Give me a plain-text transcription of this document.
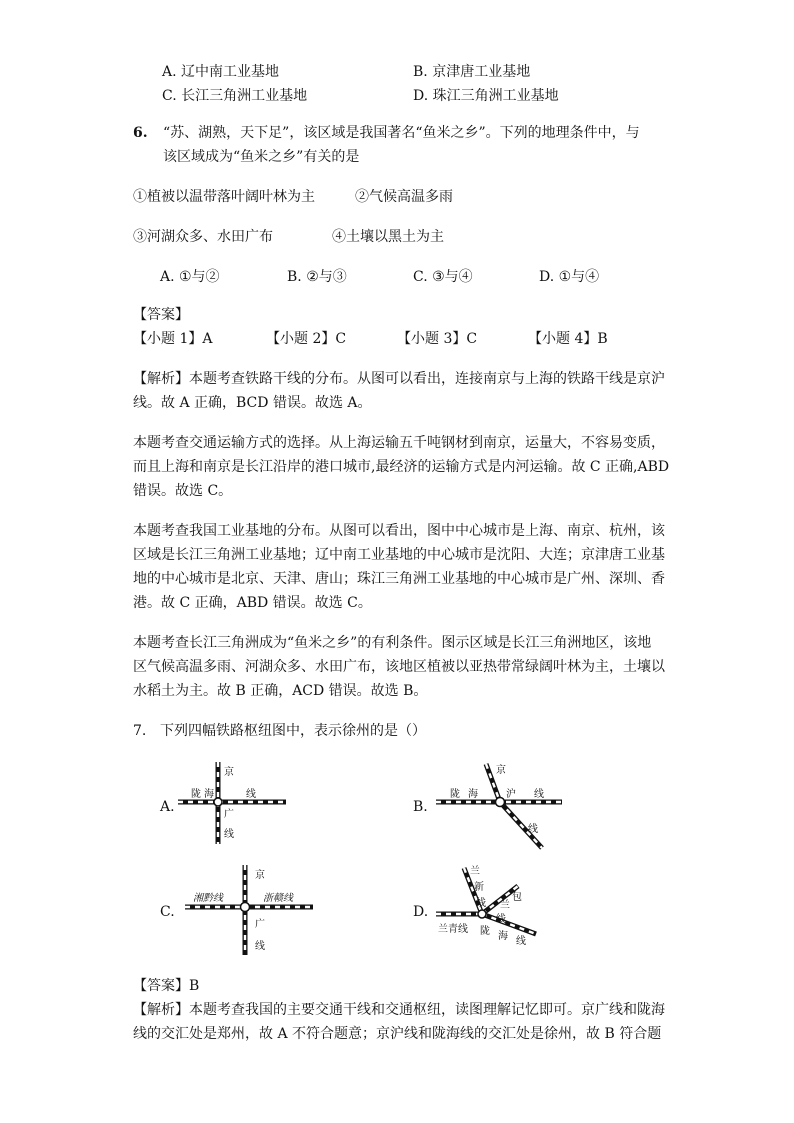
A. 辽中南工业基地	B. 京津唐工业基地
C. 长江三角洲工业基地	D. 珠江三角洲工业基地
6. “苏、湖熟，天下足”，该区域是我国著名“鱼米之乡”。下列的地理条件中，与
该区域成为“鱼米之乡”有关的是
①植被以温带落叶阔叶林为主	②气候高温多雨
③河湖众多、水田广布	④土壤以黑土为主
A. ①与②	B. ②与③	C. ③与④	D. ①与④
【答案】
【小题 1】A	【小题 2】C	【小题 3】C	【小题 4】B
【解析】本题考查铁路干线的分布。从图可以看出，连接南京与上海的铁路干线是京沪
线。故 A 正确，BCD 错误。故选 A。
本题考查交通运输方式的选择。从上海运输五千吨钢材到南京，运量大，不容易变质，
而且上海和南京是长江沿岸的港口城市,最经济的运输方式是内河运输。故 C 正确,ABD
错误。故选 C。
本题考查我国工业基地的分布。从图可以看出，图中中心城市是上海、南京、杭州，该
区域是长江三角洲工业基地；辽中南工业基地的中心城市是沈阳、大连；京津唐工业基
地的中心城市是北京、天津、唐山；珠江三角洲工业基地的中心城市是广州、深圳、香
港。故 C 正确，ABD 错误。故选 C。
本题考查长江三角洲成为“鱼米之乡”的有利条件。图示区域是长江三角洲地区，该地
区气候高温多雨、河湖众多、水田广布，该地区植被以亚热带常绿阔叶林为主，土壤以
水稻土为主。故 B 正确，ACD 错误。故选 B。
7. 下列四幅铁路枢纽图中，表示徐州的是（）
A.	B.
C.	D.
京
陇 海	线
广
线
陇 海
京
沪 线
线
湘黔线	浙赣线
京
广
线
兰
新
线
包
兰
线
兰青线 陇 海 线
【答案】B
【解析】本题考查我国的主要交通干线和交通枢纽，读图理解记忆即可。京广线和陇海
线的交汇处是郑州，故 A 不符合题意；京沪线和陇海线的交汇处是徐州，故 B 符合题
